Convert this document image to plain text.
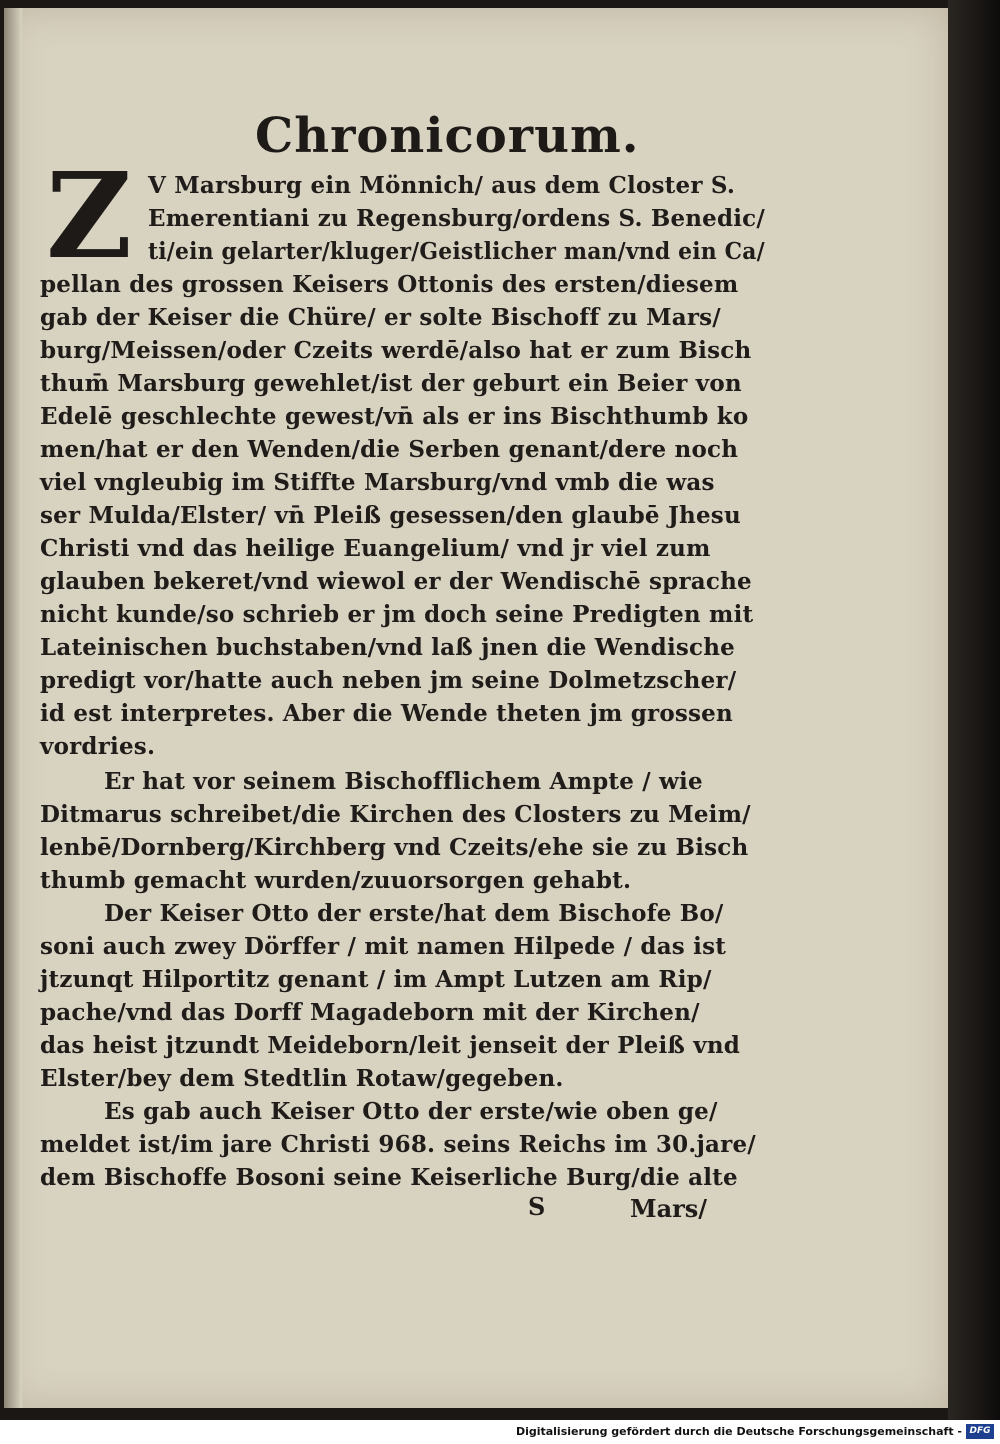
Chronicorum.
Z V Marsburg ein Mönnich/ aus dem Closter S.
Emerentiani zu Regensburg/ordens S. Benedic/
ti/ein gelarter/kluger/Geistlicher man/vnd ein Ca/
pellan des grossen Keisers Ottonis des ersten/diesem
gab der Keiser die Chüre/ er solte Bischoff zu Mars/
burg/Meissen/oder Czeits werdē/also hat er zum Bisch
thum̄ Marsburg gewehlet/ist der geburt ein Beier von
Edelē geschlechte gewest/vn̄ als er ins Bischthumb ko
men/hat er den Wenden/die Serben genant/dere noch
viel vngleubig im Stiffte Marsburg/vnd vmb die was
ser Mulda/Elster/ vn̄ Pleiß gesessen/den glaubē Jhesu
Christi vnd das heilige Euangelium/ vnd jr viel zum
glauben bekeret/vnd wiewol er der Wendischē sprache
nicht kunde/so schrieb er jm doch seine Predigten mit
Lateinischen buchstaben/vnd laß jnen die Wendische
predigt vor/hatte auch neben jm seine Dolmetzscher/
id est interpretes. Aber die Wende theten jm grossen
vordries.
Er hat vor seinem Bischofflichem Ampte / wie
Ditmarus schreibet/die Kirchen des Closters zu Meim/
lenbē/Dornberg/Kirchberg vnd Czeits/ehe sie zu Bisch
thumb gemacht wurden/zuuorsorgen gehabt.
Der Keiser Otto der erste/hat dem Bischofe Bo/
soni auch zwey Dörffer / mit namen Hilpede / das ist
jtzunqt Hilportitz genant / im Ampt Lutzen am Rip/
pache/vnd das Dorff Magadeborn mit der Kirchen/
das heist jtzundt Meideborn/leit jenseit der Pleiß vnd
Elster/bey dem Stedtlin Rotaw/gegeben.
Es gab auch Keiser Otto der erste/wie oben ge/
meldet ist/im jare Christi 968. seins Reichs im 30.jare/
dem Bischoffe Bosoni seine Keiserliche Burg/die alte
S	Mars/
Digitalisierung gefördert durch die Deutsche Forschungsgemeinschaft - DFG
